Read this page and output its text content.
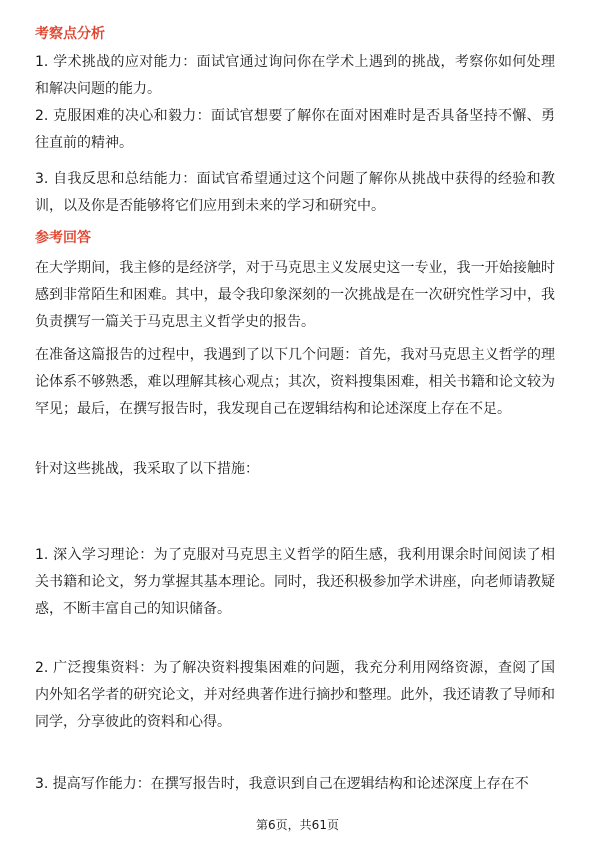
考察点分析
1. 学术挑战的应对能力：面试官通过询问你在学术上遇到的挑战，考察你如何处理和解决问题的能力。
2. 克服困难的决心和毅力：面试官想要了解你在面对困难时是否具备坚持不懈、勇往直前的精神。
3. 自我反思和总结能力：面试官希望通过这个问题了解你从挑战中获得的经验和教训，以及你是否能够将它们应用到未来的学习和研究中。
参考回答
在大学期间，我主修的是经济学，对于马克思主义发展史这一专业，我一开始接触时感到非常陌生和困难。其中，最令我印象深刻的一次挑战是在一次研究性学习中，我负责撰写一篇关于马克思主义哲学史的报告。
在准备这篇报告的过程中，我遇到了以下几个问题：首先，我对马克思主义哲学的理论体系不够熟悉，难以理解其核心观点；其次，资料搜集困难，相关书籍和论文较为罕见；最后，在撰写报告时，我发现自己在逻辑结构和论述深度上存在不足。
针对这些挑战，我采取了以下措施：
1. 深入学习理论：为了克服对马克思主义哲学的陌生感，我利用课余时间阅读了相关书籍和论文，努力掌握其基本理论。同时，我还积极参加学术讲座，向老师请教疑惑，不断丰富自己的知识储备。
2. 广泛搜集资料：为了解决资料搜集困难的问题，我充分利用网络资源，查阅了国内外知名学者的研究论文，并对经典著作进行摘抄和整理。此外，我还请教了导师和同学，分享彼此的资料和心得。
3. 提高写作能力：在撰写报告时，我意识到自己在逻辑结构和论述深度上存在不
第6页，共61页
